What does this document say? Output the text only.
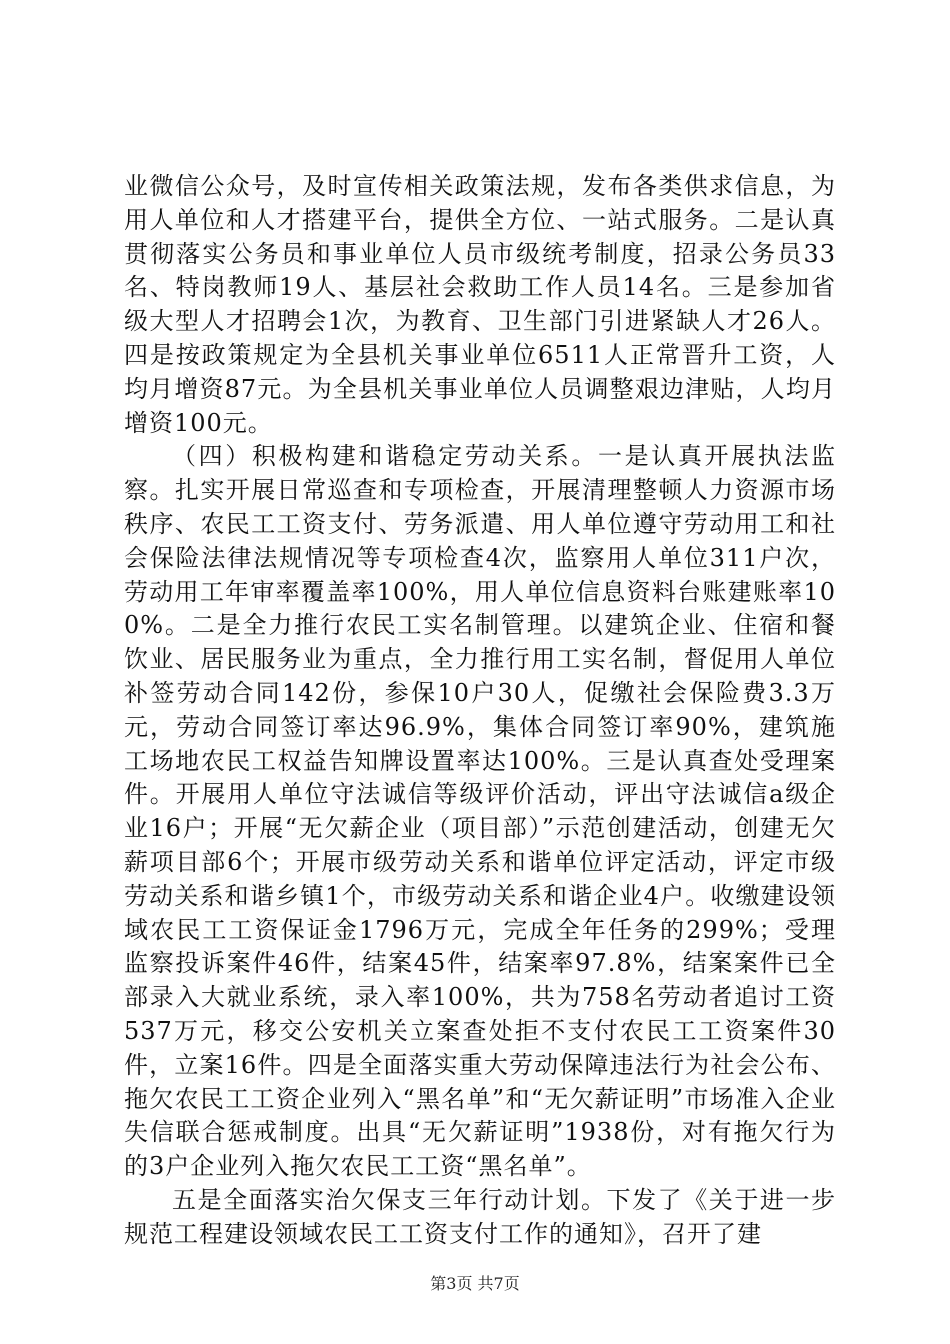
业微信公众号，及时宣传相关政策法规，发布各类供求信息，为用人单位和人才搭建平台，提供全方位、一站式服务。二是认真贯彻落实公务员和事业单位人员市级统考制度，招录公务员33名、特岗教师19人、基层社会救助工作人员14名。三是参加省级大型人才招聘会1次，为教育、卫生部门引进紧缺人才26人。四是按政策规定为全县机关事业单位6511人正常晋升工资，人均月增资87元。为全县机关事业单位人员调整艰边津贴，人均月增资100元。

（四）积极构建和谐稳定劳动关系。一是认真开展执法监察。扎实开展日常巡查和专项检查，开展清理整顿人力资源市场秩序、农民工工资支付、劳务派遣、用人单位遵守劳动用工和社会保险法律法规情况等专项检查4次，监察用人单位311户次，劳动用工年审率覆盖率100%，用人单位信息资料台账建账率100%。二是全力推行农民工实名制管理。以建筑企业、住宿和餐饮业、居民服务业为重点，全力推行用工实名制，督促用人单位补签劳动合同142份，参保10户30人，促缴社会保险费3.3万元，劳动合同签订率达96.9%，集体合同签订率90%，建筑施工场地农民工权益告知牌设置率达100%。三是认真查处受理案件。开展用人单位守法诚信等级评价活动，评出守法诚信a级企业16户；开展“无欠薪企业（项目部）”示范创建活动，创建无欠薪项目部6个；开展市级劳动关系和谐单位评定活动，评定市级劳动关系和谐乡镇1个，市级劳动关系和谐企业4户。收缴建设领域农民工工资保证金1796万元，完成全年任务的299%；受理监察投诉案件46件，结案45件，结案率97.8%，结案案件已全部录入大就业系统，录入率100%，共为758名劳动者追讨工资537万元，移交公安机关立案查处拒不支付农民工工资案件30件，立案16件。四是全面落实重大劳动保障违法行为社会公布、拖欠农民工工资企业列入“黑名单”和“无欠薪证明”市场准入企业失信联合惩戒制度。出具“无欠薪证明”1938份，对有拖欠行为的3户企业列入拖欠农民工工资“黑名单”。

五是全面落实治欠保支三年行动计划。下发了《关于进一步规范工程建设领域农民工工资支付工作的通知》，召开了建

第3页 共7页
